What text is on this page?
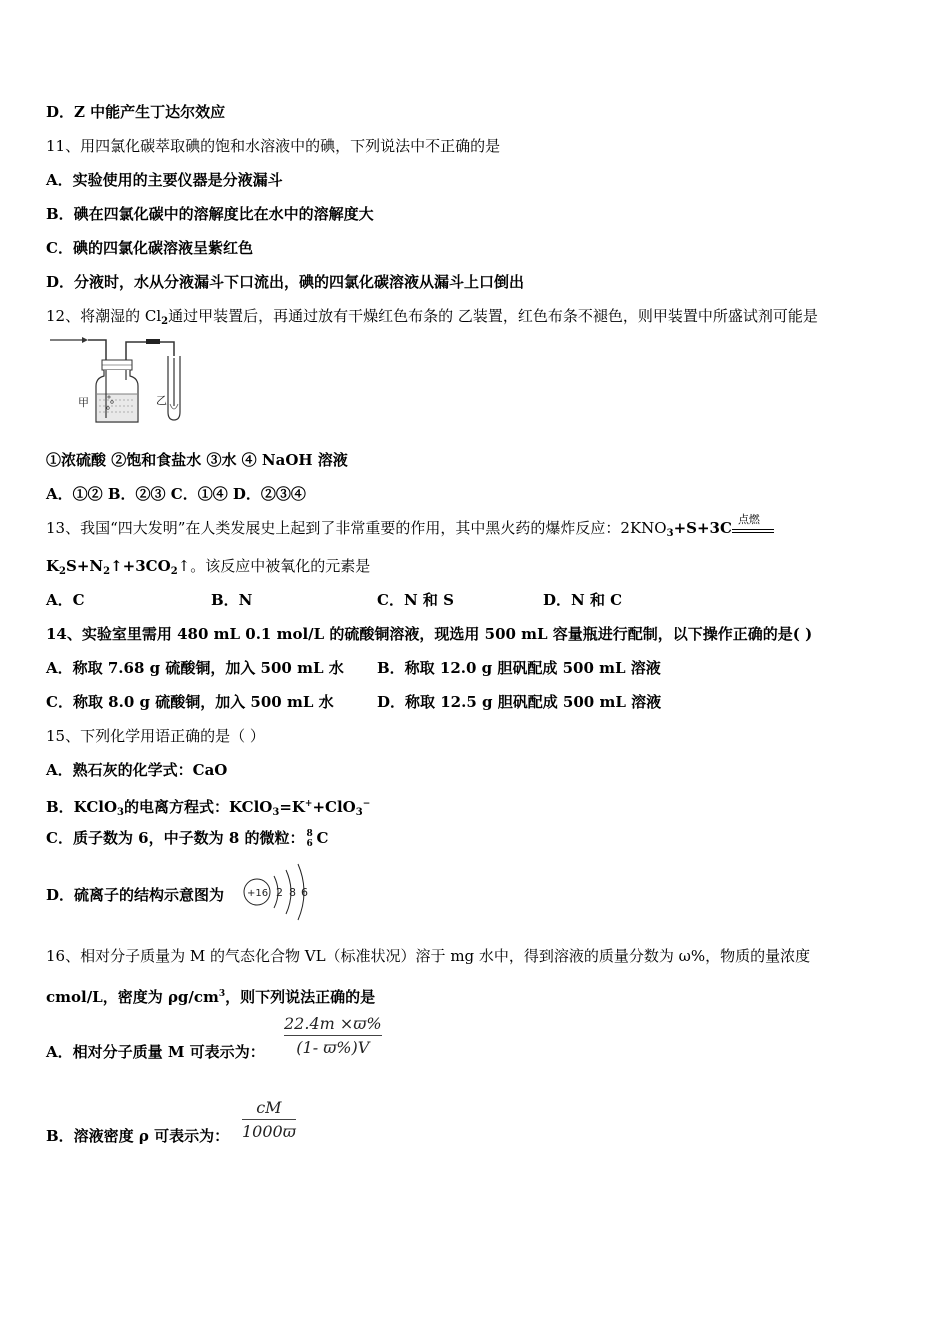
D．Z 中能产生丁达尔效应
11、用四氯化碳萃取碘的饱和水溶液中的碘，下列说法中不正确的是
A．实验使用的主要仪器是分液漏斗
B．碘在四氯化碳中的溶解度比在水中的溶解度大
C．碘的四氯化碳溶液呈紫红色
D．分液时，水从分液漏斗下口流出，碘的四氯化碳溶液从漏斗上口倒出
12、将潮湿的 $Cl_2$通过甲装置后，再通过放有干燥红色布条的 乙装置，红色布条不褪色，则甲装置中所盛试剂可能是
甲	乙
①浓硫酸 ②饱和食盐水 ③水 ④ NaOH 溶液
A．①② B．②③ C．①④ D．②③④
13、我国“四大发明”在人类发展史上起到了非常重要的作用，其中黑火药的爆炸反应：$2KNO_3+S+3C$ 点燃
$K_2S+N_2↑+3CO_2↑$。该反应中被氧化的元素是
A．C	B．N	C．N 和 S	D．N 和 C
14、实验室里需用 480 mL 0.1 mol/L 的硫酸铜溶液，现选用 500 mL 容量瓶进行配制，以下操作正确的是( )
A．称取 7.68 g 硫酸铜，加入 500 mL 水 B．称取 12.0 g 胆矾配成 500 mL 溶液
C．称取 8.0 g 硫酸铜，加入 500 mL 水	D．称取 12.5 g 胆矾配成 500 mL 溶液
15、下列化学用语正确的是（ ）
A．熟石灰的化学式：CaO
B．KClO$_3$的电离方程式：KClO$_3$=K++ClO$_3$−
C．质子数为 6，中子数为 8 的微粒： 8
6 C
D．硫离子的结构示意图为 +16 2 8 6
16、相对分子质量为 M 的气态化合物 VL（标准状况）溶于 mg 水中，得到溶液的质量分数为 ω%，物质的量浓度
cmol/L，密度为 $\rho g/cm^3$，则下列说法正确的是
A．相对分子质量 M 可表示为：
22.4m ×ϖ%
(1- ϖ%)V
B．溶液密度 ρ 可表示为：
cM
1000ϖ
